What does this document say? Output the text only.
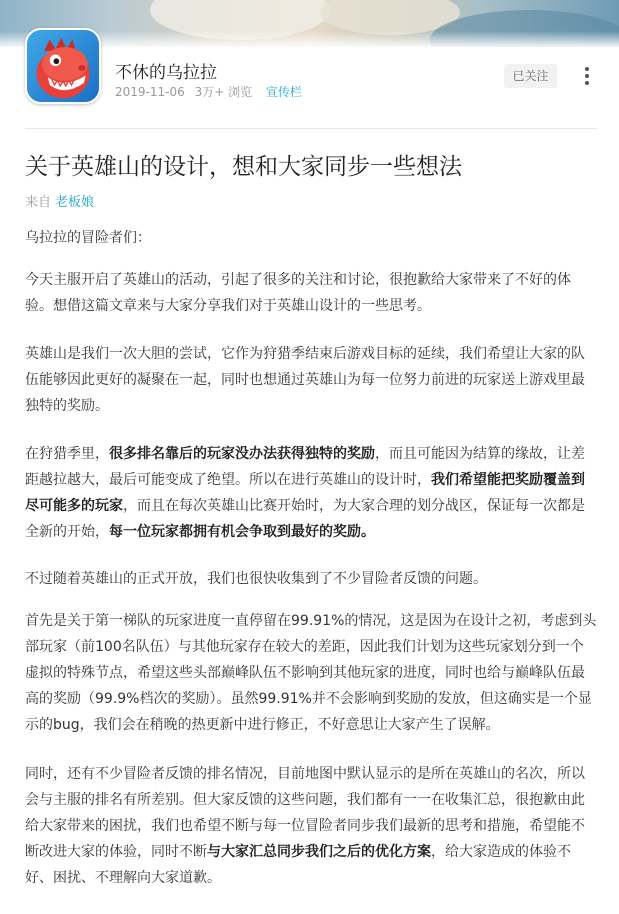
不休的乌拉拉
2019-11-06 3万+ 浏览 宣传栏
已关注
关于英雄山的设计，想和大家同步一些想法
来自 老板娘

乌拉拉的冒险者们：

今天主服开启了英雄山的活动，引起了很多的关注和讨论，很抱歉给大家带来了不好的体验。想借这篇文章来与大家分享我们对于英雄山设计的一些思考。

英雄山是我们一次大胆的尝试，它作为狩猎季结束后游戏目标的延续，我们希望让大家的队伍能够因此更好的凝聚在一起，同时也想通过英雄山为每一位努力前进的玩家送上游戏里最独特的奖励。

在狩猎季里，很多排名靠后的玩家没办法获得独特的奖励，而且可能因为结算的缘故，让差距越拉越大，最后可能变成了绝望。所以在进行英雄山的设计时，我们希望能把奖励覆盖到尽可能多的玩家，而且在每次英雄山比赛开始时，为大家合理的划分战区，保证每一次都是全新的开始，每一位玩家都拥有机会争取到最好的奖励。

不过随着英雄山的正式开放，我们也很快收集到了不少冒险者反馈的问题。

首先是关于第一梯队的玩家进度一直停留在99.91%的情况，这是因为在设计之初，考虑到头部玩家（前100名队伍）与其他玩家存在较大的差距，因此我们计划为这些玩家划分到一个虚拟的特殊节点，希望这些头部巅峰队伍不影响到其他玩家的进度，同时也给与巅峰队伍最高的奖励（99.9%档次的奖励）。虽然99.91%并不会影响到奖励的发放，但这确实是一个显示的bug，我们会在稍晚的热更新中进行修正，不好意思让大家产生了误解。

同时，还有不少冒险者反馈的排名情况，目前地图中默认显示的是所在英雄山的名次，所以会与主服的排名有所差别。但大家反馈的这些问题，我们都有一一在收集汇总，很抱歉由此给大家带来的困扰，我们也希望不断与每一位冒险者同步我们最新的思考和措施，希望能不断改进大家的体验，同时不断与大家汇总同步我们之后的优化方案，给大家造成的体验不好、困扰、不理解向大家道歉。
